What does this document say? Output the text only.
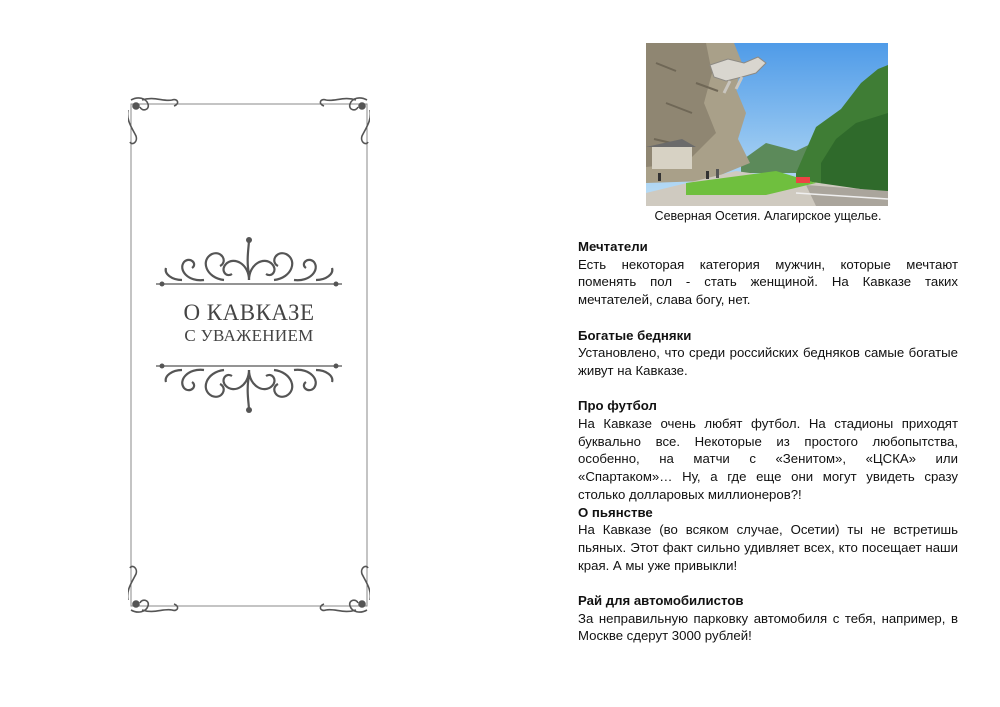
О КАВКАЗЕ
С УВАЖЕНИЕМ
Северная Осетия. Алагирское ущелье.
Мечтатели

Есть некоторая категория мужчин, которые мечтают поменять пол - стать женщиной. На Кавказе таких мечтателей, слава богу, нет.

Богатые бедняки

Установлено, что среди российских бедняков самые богатые живут на Кавказе.

Про футбол

На Кавказе очень любят футбол. На стадионы приходят буквально все. Некоторые из простого любопытства, особенно, на матчи с «Зенитом», «ЦСКА» или «Спартаком»… Ну, а где еще они могут увидеть сразу столько долларовых миллионеров?!

О пьянстве

На Кавказе (во всяком случае, Осетии) ты не встретишь пьяных. Этот факт сильно удивляет всех, кто посещает наши края. А мы уже привыкли!

Рай для автомобилистов

За неправильную парковку автомобиля с тебя, например, в Москве сдерут 3000 рублей!
